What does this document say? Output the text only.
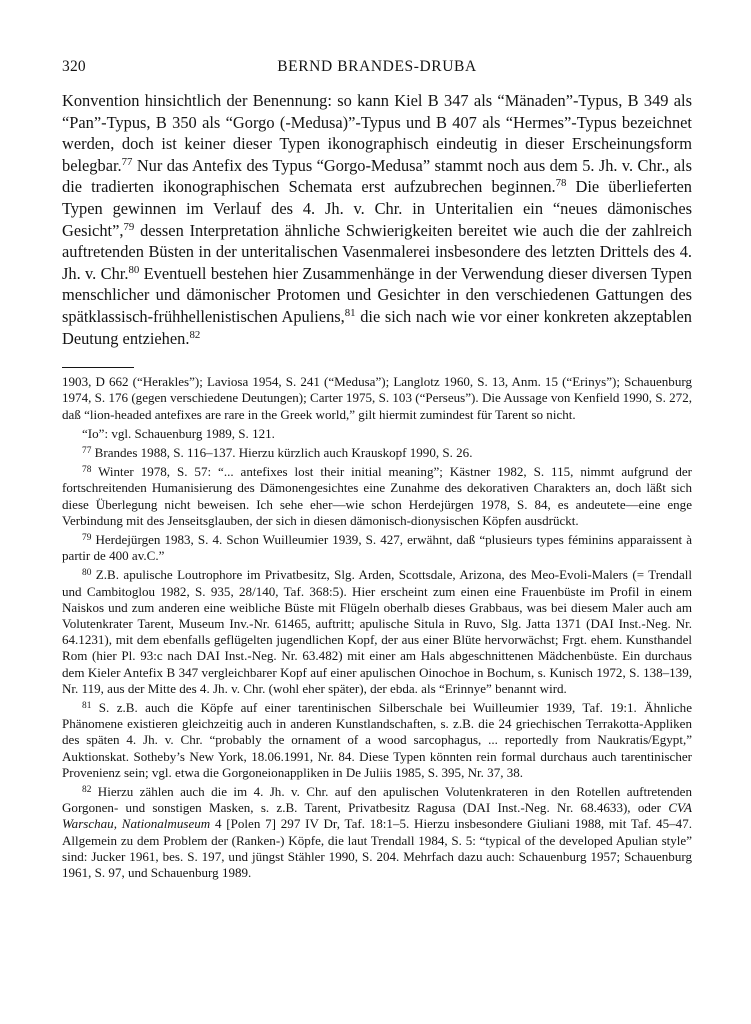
320	BERND BRANDES-DRUBA
Konvention hinsichtlich der Benennung: so kann Kiel B 347 als “Mänaden”-Typus, B 349 als “Pan”-Typus, B 350 als “Gorgo (-Medusa)”-Typus und B 407 als “Hermes”-Typus bezeichnet werden, doch ist keiner dieser Typen ikonographisch eindeutig in dieser Erscheinungsform belegbar.$^{77}$ Nur das Antefix des Typus “Gorgo-Medusa” stammt noch aus dem 5. Jh. v. Chr., als die tradierten ikonographischen Schemata erst aufzubrechen beginnen.$^{78}$ Die überlieferten Typen gewinnen im Verlauf des 4. Jh. v. Chr. in Unteritalien ein “neues dämonisches Gesicht”,$^{79}$ dessen Interpretation ähnliche Schwierigkeiten bereitet wie auch die der zahlreich auftretenden Büsten in der unteritalischen Vasenmalerei insbesondere des letzten Drittels des 4. Jh. v. Chr.$^{80}$ Eventuell bestehen hier Zusammenhänge in der Verwendung dieser diversen Typen menschlicher und dämonischer Protomen und Gesichter in den verschiedenen Gattungen des spätklassisch-frühhellenistischen Apuliens,$^{81}$ die sich nach wie vor einer konkreten akzeptablen Deutung entziehen.$^{82}$

1903, D 662 (“Herakles”); Laviosa 1954, S. 241 (“Medusa”); Langlotz 1960, S. 13, Anm. 15 (“Erinys”); Schauenburg 1974, S. 176 (gegen verschiedene Deutungen); Carter 1975, S. 103 (“Perseus”). Die Aussage von Kenfield 1990, S. 272, daß “lion-headed antefixes are rare in the Greek world,” gilt hiermit zumindest für Tarent so nicht.

“Io”: vgl. Schauenburg 1989, S. 121.

$^{77}$ Brandes 1988, S. 116–137. Hierzu kürzlich auch Krauskopf 1990, S. 26.

$^{78}$ Winter 1978, S. 57: “... antefixes lost their initial meaning”; Kästner 1982, S. 115, nimmt aufgrund der fortschreitenden Humanisierung des Dämonengesichtes eine Zunahme des dekorativen Charakters an, doch läßt sich diese Überlegung nicht beweisen. Ich sehe eher—wie schon Herdejürgen 1978, S. 84, es andeutete—eine enge Verbindung mit des Jenseitsglauben, der sich in diesen dämonisch-dionysischen Köpfen ausdrückt.

$^{79}$ Herdejürgen 1983, S. 4. Schon Wuilleumier 1939, S. 427, erwähnt, daß “plusieurs types féminins apparaissent à partir de 400 av.C.”

$^{80}$ Z.B. apulische Loutrophore im Privatbesitz, Slg. Arden, Scottsdale, Arizona, des Meo-Evoli-Malers (= Trendall und Cambitoglou 1982, S. 935, 28/140, Taf. 368:5). Hier erscheint zum einen eine Frauenbüste im Profil in einem Naiskos und zum anderen eine weibliche Büste mit Flügeln oberhalb dieses Grabbaus, was bei diesem Maler auch am Volutenkrater Tarent, Museum Inv.-Nr. 61465, auftritt; apulische Situla in Ruvo, Slg. Jatta 1371 (DAI Inst.-Neg. Nr. 64.1231), mit dem ebenfalls geflügelten jugendlichen Kopf, der aus einer Blüte hervorwächst; Frgt. ehem. Kunsthandel Rom (hier Pl. 93:c nach DAI Inst.-Neg. Nr. 63.482) mit einer am Hals abgeschnittenen Mädchenbüste. Ein durchaus dem Kieler Antefix B 347 vergleichbarer Kopf auf einer apulischen Oinochoe in Bochum, s. Kunisch 1972, S. 138–139, Nr. 119, aus der Mitte des 4. Jh. v. Chr. (wohl eher später), der ebda. als “Erinnye” benannt wird.

$^{81}$ S. z.B. auch die Köpfe auf einer tarentinischen Silberschale bei Wuilleumier 1939, Taf. 19:1. Ähnliche Phänomene existieren gleichzeitig auch in anderen Kunstlandschaften, s. z.B. die 24 griechischen Terrakotta-Appliken des späten 4. Jh. v. Chr. “probably the ornament of a wood sarcophagus, ... reportedly from Naukratis/Egypt,” Auktionskat. Sotheby’s New York, 18.06.1991, Nr. 84. Diese Typen könnten rein formal durchaus auch tarentinischer Provenienz sein; vgl. etwa die Gorgoneionappliken in De Juliis 1985, S. 395, Nr. 37, 38.

$^{82}$ Hierzu zählen auch die im 4. Jh. v. Chr. auf den apulischen Volutenkrateren in den Rotellen auftretenden Gorgonen- und sonstigen Masken, s. z.B. Tarent, Privatbesitz Ragusa (DAI Inst.-Neg. Nr. 68.4633), oder CVA Warschau, Nationalmuseum 4 [Polen 7] 297 IV Dr, Taf. 18:1–5. Hierzu insbesondere Giuliani 1988, mit Taf. 45–47. Allgemein zu dem Problem der (Ranken-) Köpfe, die laut Trendall 1984, S. 5: “typical of the developed Apulian style” sind: Jucker 1961, bes. S. 197, und jüngst Stähler 1990, S. 204. Mehrfach dazu auch: Schauenburg 1957; Schauenburg 1961, S. 97, und Schauenburg 1989.
